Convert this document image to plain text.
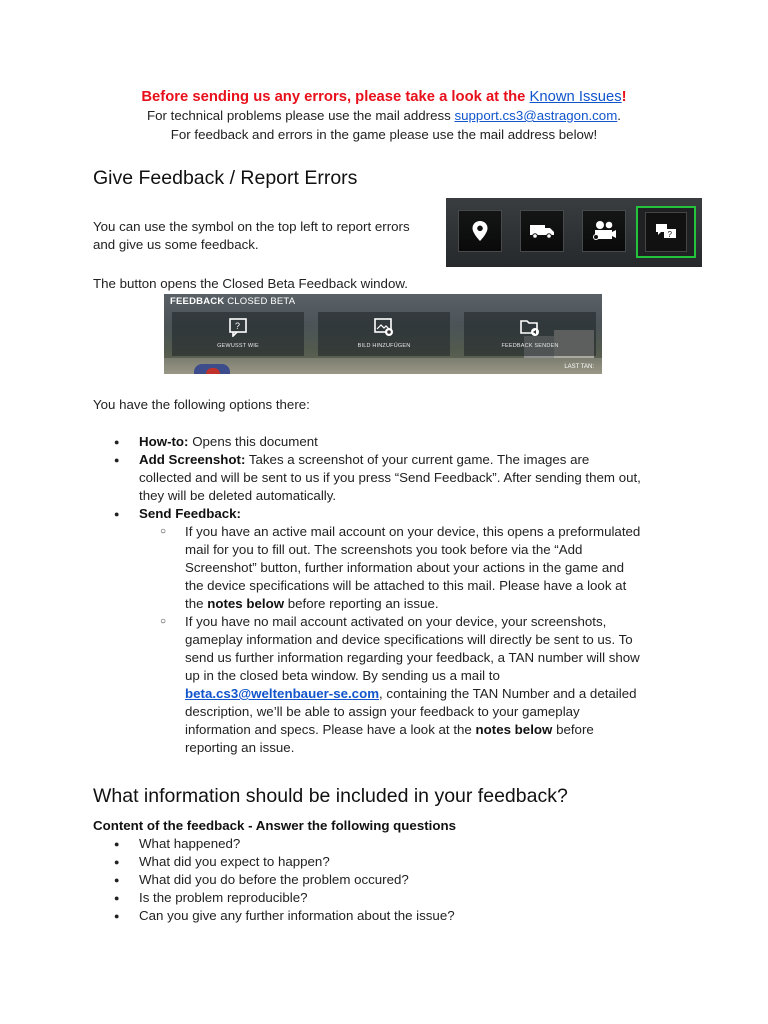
Before sending us any errors, please take a look at the Known Issues!
For technical problems please use the mail address support.cs3@astragon.com.
For feedback and errors in the game please use the mail address below!
Give Feedback / Report Errors
You can use the symbol on the top left to report errors
and give us some feedback.
?
The button opens the Closed Beta Feedback window.
FEEDBACK CLOSED BETA
?
GEWUSST WIE	BILD HINZUFÜGEN	FEEDBACK SENDEN
LAST TAN:
You have the following options there:
● How-to: Opens this document
● Add Screenshot: Takes a screenshot of your current game. The images are
collected and will be sent to us if you press “Send Feedback”. After sending them out,
they will be deleted automatically.
● Send Feedback:
○ If you have an active mail account on your device, this opens a preformulated
mail for you to fill out. The screenshots you took before via the “Add
Screenshot” button, further information about your actions in the game and
the device specifications will be attached to this mail. Please have a look at
the notes below before reporting an issue.
○ If you have no mail account activated on your device, your screenshots,
gameplay information and device specifications will directly be sent to us. To
send us further information regarding your feedback, a TAN number will show
up in the closed beta window. By sending us a mail to
beta.cs3@weltenbauer-se.com, containing the TAN Number and a detailed
description, we’ll be able to assign your feedback to your gameplay
information and specs. Please have a look at the notes below before
reporting an issue.
What information should be included in your feedback?
Content of the feedback - Answer the following questions
● What happened?
● What did you expect to happen?
● What did you do before the problem occured?
● Is the problem reproducible?
● Can you give any further information about the issue?
